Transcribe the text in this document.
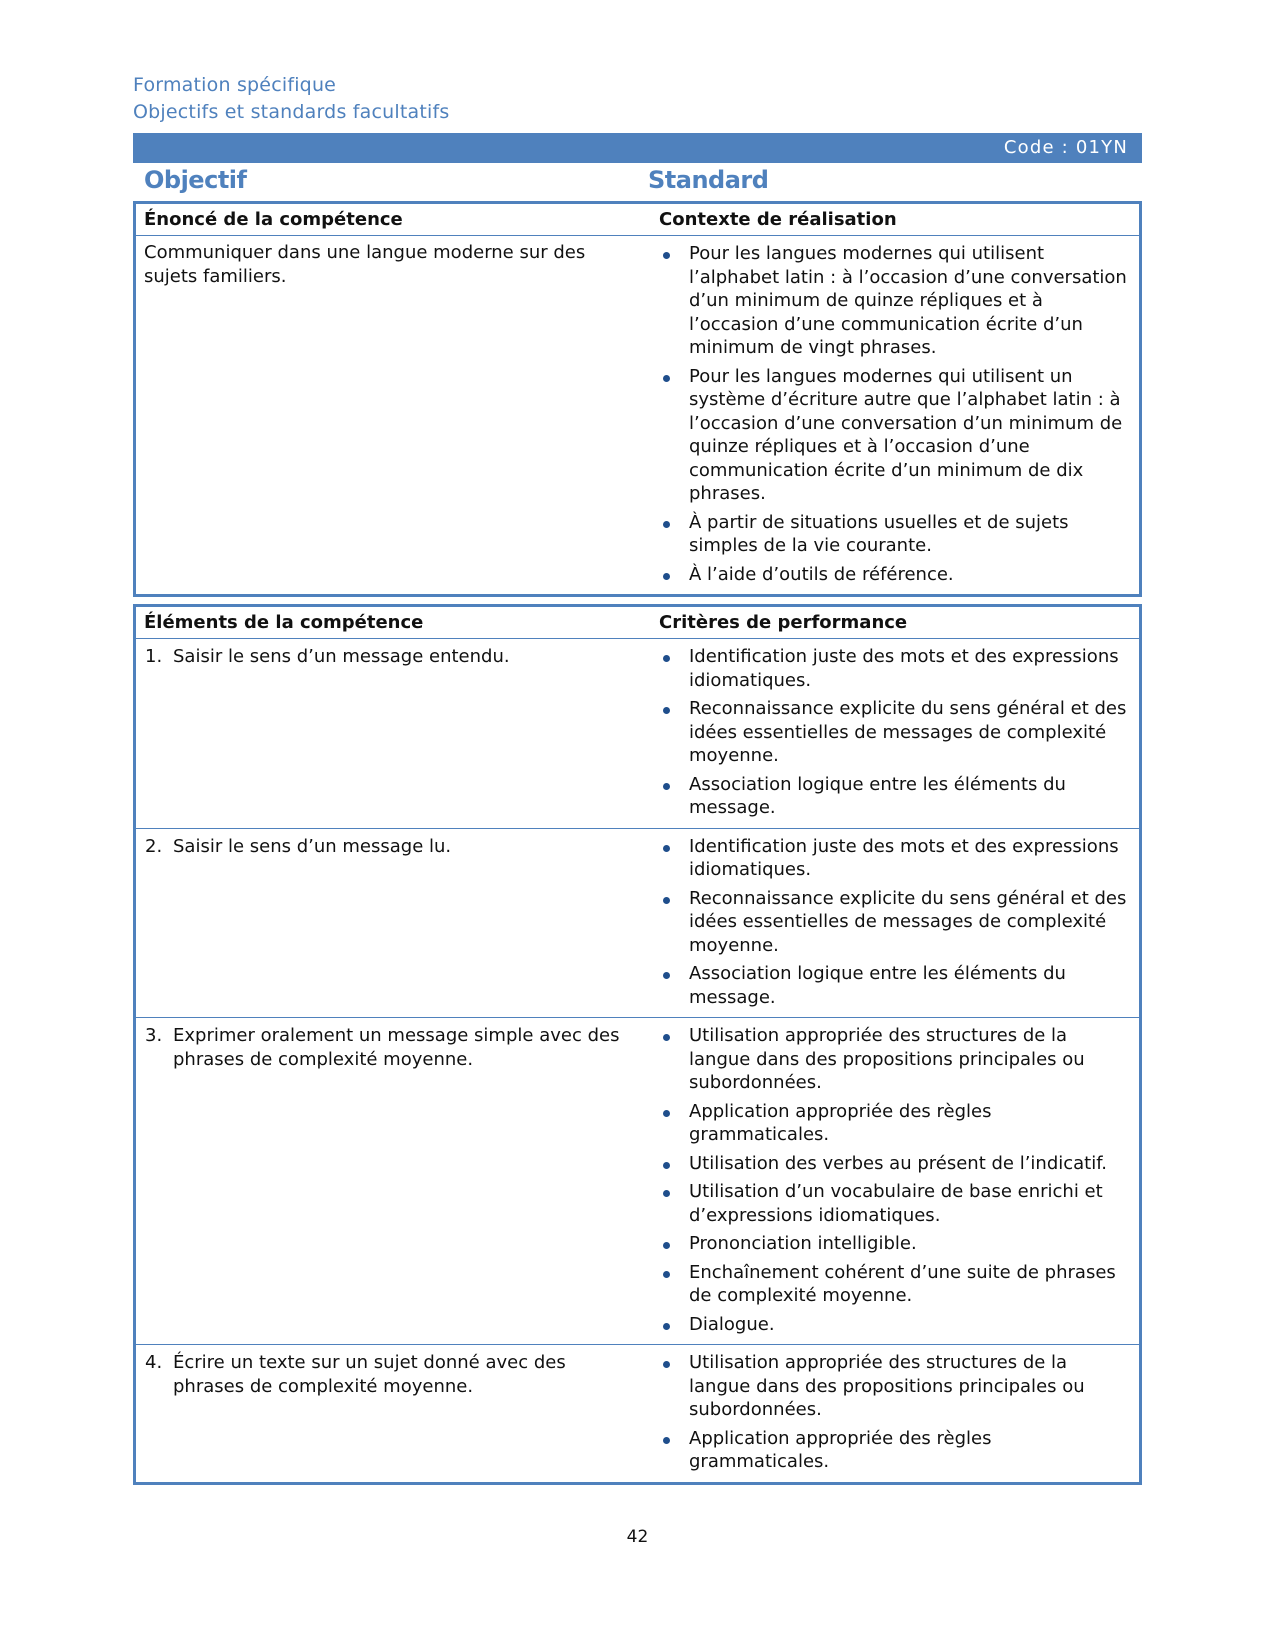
Formation spécifique
Objectifs et standards facultatifs
Code : 01YN
Objectif	Standard
Énoncé de la compétence	Contexte de réalisation

Communiquer dans une langue moderne sur des sujets familiers.

Pour les langues modernes qui utilisent l’alphabet latin : à l’occasion d’une conversation d’un minimum de quinze répliques et à l’occasion d’une communication écrite d’un minimum de vingt phrases.
Pour les langues modernes qui utilisent un système d’écriture autre que l’alphabet latin : à l’occasion d’une conversation d’un minimum de quinze répliques et à l’occasion d’une communication écrite d’un minimum de dix phrases.
À partir de situations usuelles et de sujets simples de la vie courante.
À l’aide d’outils de référence.
Éléments de la compétence	Critères de performance

1. Saisir le sens d’un message entendu.	Identification juste des mots et des expressions idiomatiques.
Reconnaissance explicite du sens général et des idées essentielles de messages de complexité moyenne.
Association logique entre les éléments du message.

2. Saisir le sens d’un message lu.	Identification juste des mots et des expressions idiomatiques.
Reconnaissance explicite du sens général et des idées essentielles de messages de complexité moyenne.
Association logique entre les éléments du message.

3. Exprimer oralement un message simple avec des phrases de complexité moyenne.

Utilisation appropriée des structures de la langue dans des propositions principales ou subordonnées.
Application appropriée des règles grammaticales.
Utilisation des verbes au présent de l’indicatif.
Utilisation d’un vocabulaire de base enrichi et d’expressions idiomatiques.
Prononciation intelligible.
Enchaînement cohérent d’une suite de phrases de complexité moyenne.
Dialogue.

4. Écrire un texte sur un sujet donné avec des phrases de complexité moyenne.

Utilisation appropriée des structures de la langue dans des propositions principales ou subordonnées.
Application appropriée des règles grammaticales.
42
